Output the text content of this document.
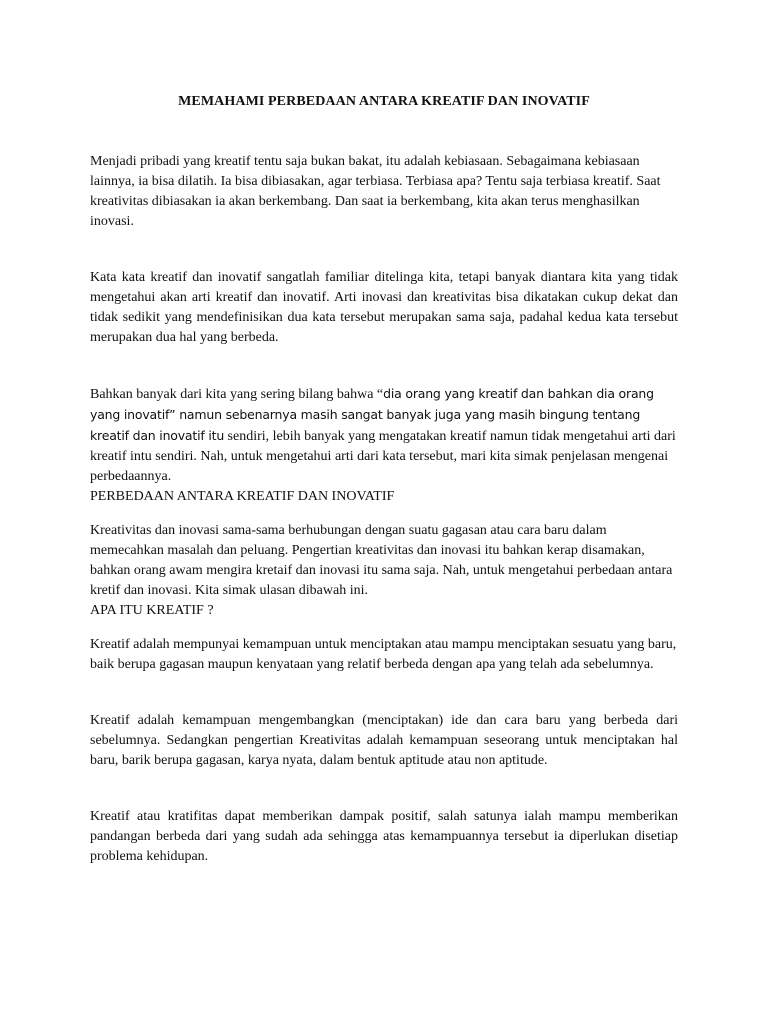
MEMAHAMI PERBEDAAN ANTARA KREATIF DAN INOVATIF

Menjadi pribadi yang kreatif tentu saja bukan bakat, itu adalah kebiasaan. Sebagaimana kebiasaan lainnya, ia bisa dilatih. Ia bisa dibiasakan, agar terbiasa. Terbiasa apa? Tentu saja terbiasa kreatif. Saat kreativitas dibiasakan ia akan berkembang. Dan saat ia berkembang, kita akan terus menghasilkan inovasi.

Kata kata kreatif dan inovatif sangatlah familiar ditelinga kita, tetapi banyak diantara kita yang tidak mengetahui akan arti kreatif dan inovatif. Arti inovasi dan kreativitas bisa dikatakan cukup dekat dan tidak sedikit yang mendefinisikan dua kata tersebut merupakan sama saja, padahal kedua kata tersebut merupakan dua hal yang berbeda.

Bahkan banyak dari kita yang sering bilang bahwa “dia orang yang kreatif dan bahkan dia orang yang inovatif” namun sebenarnya masih sangat banyak juga yang masih bingung tentang kreatif dan inovatif itu sendiri, lebih banyak yang mengatakan kreatif namun tidak mengetahui arti dari kreatif intu sendiri. Nah, untuk mengetahui arti dari kata tersebut, mari kita simak penjelasan mengenai perbedaannya.

PERBEDAAN ANTARA KREATIF DAN INOVATIF

Kreativitas dan inovasi sama-sama berhubungan dengan suatu gagasan atau cara baru dalam memecahkan masalah dan peluang. Pengertian kreativitas dan inovasi itu bahkan kerap disamakan, bahkan orang awam mengira kretaif dan inovasi itu sama saja. Nah, untuk mengetahui perbedaan antara kretif dan inovasi. Kita simak ulasan dibawah ini.

APA ITU KREATIF ?

Kreatif adalah mempunyai kemampuan untuk menciptakan atau mampu menciptakan sesuatu yang baru, baik berupa gagasan maupun kenyataan yang relatif berbeda dengan apa yang telah ada sebelumnya.

Kreatif adalah kemampuan mengembangkan (menciptakan) ide dan cara baru yang berbeda dari sebelumnya. Sedangkan pengertian Kreativitas adalah kemampuan seseorang untuk menciptakan hal baru, barik berupa gagasan, karya nyata, dalam bentuk aptitude atau non aptitude.

Kreatif atau kratifitas dapat memberikan dampak positif, salah satunya ialah mampu memberikan pandangan berbeda dari yang sudah ada sehingga atas kemampuannya tersebut ia diperlukan disetiap problema kehidupan.
